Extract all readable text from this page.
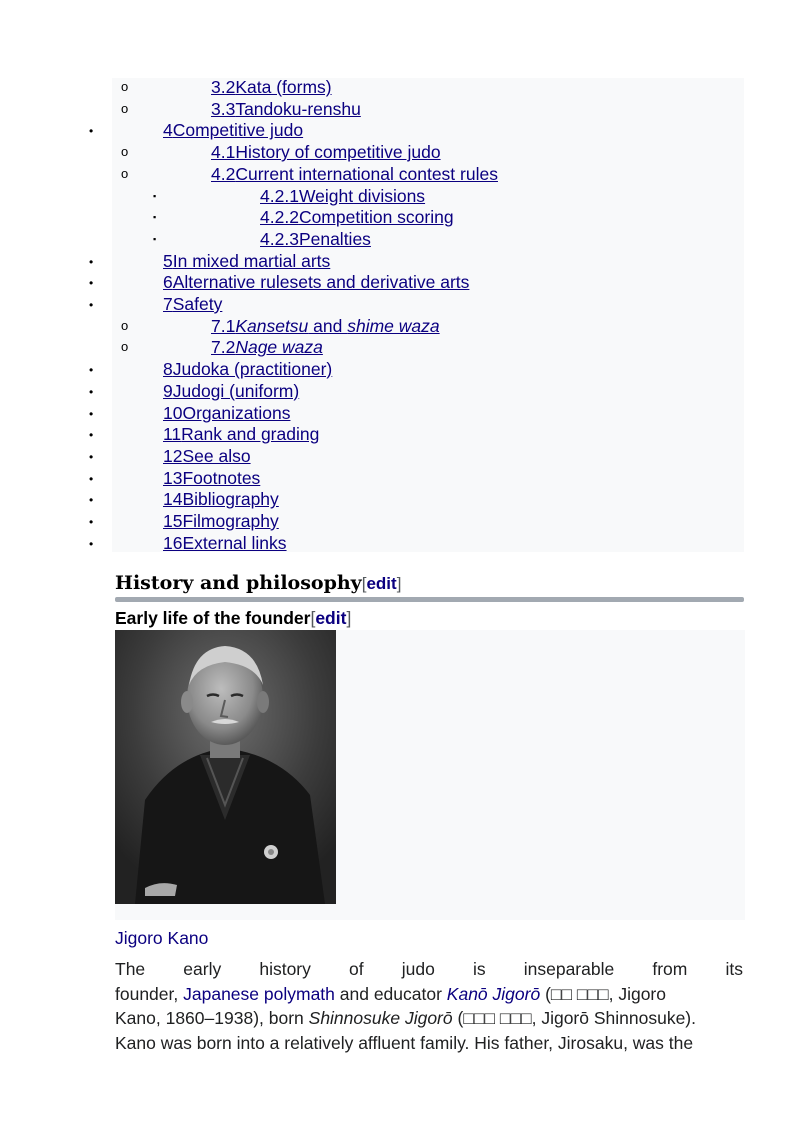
o	3.2Kata (forms)
o	3.3Tandoku-renshu
•	4Competitive judo
o	4.1History of competitive judo
o	4.2Current international contest rules
▪	4.2.1Weight divisions
▪	4.2.2Competition scoring
▪	4.2.3Penalties
•	5In mixed martial arts
•	6Alternative rulesets and derivative arts
•	7Safety
o	7.1Kansetsu and shime waza
o	7.2Nage waza
•	8Judoka (practitioner)
•	9Judogi (uniform)
•	10Organizations
•	11Rank and grading
•	12See also
•	13Footnotes
•	14Bibliography
•	15Filmography
•	16External links
History and philosophy[edit]
Early life of the founder[edit]
Jigoro Kano
The early history of judo is inseparable from its
founder, Japanese polymath and educator Kanō Jigorō (□□ □□□, Jigoro
Kano, 1860–1938), born Shinnosuke Jigorō (□□□ □□□, Jigorō Shinnosuke).
Kano was born into a relatively affluent family. His father, Jirosaku, was the
